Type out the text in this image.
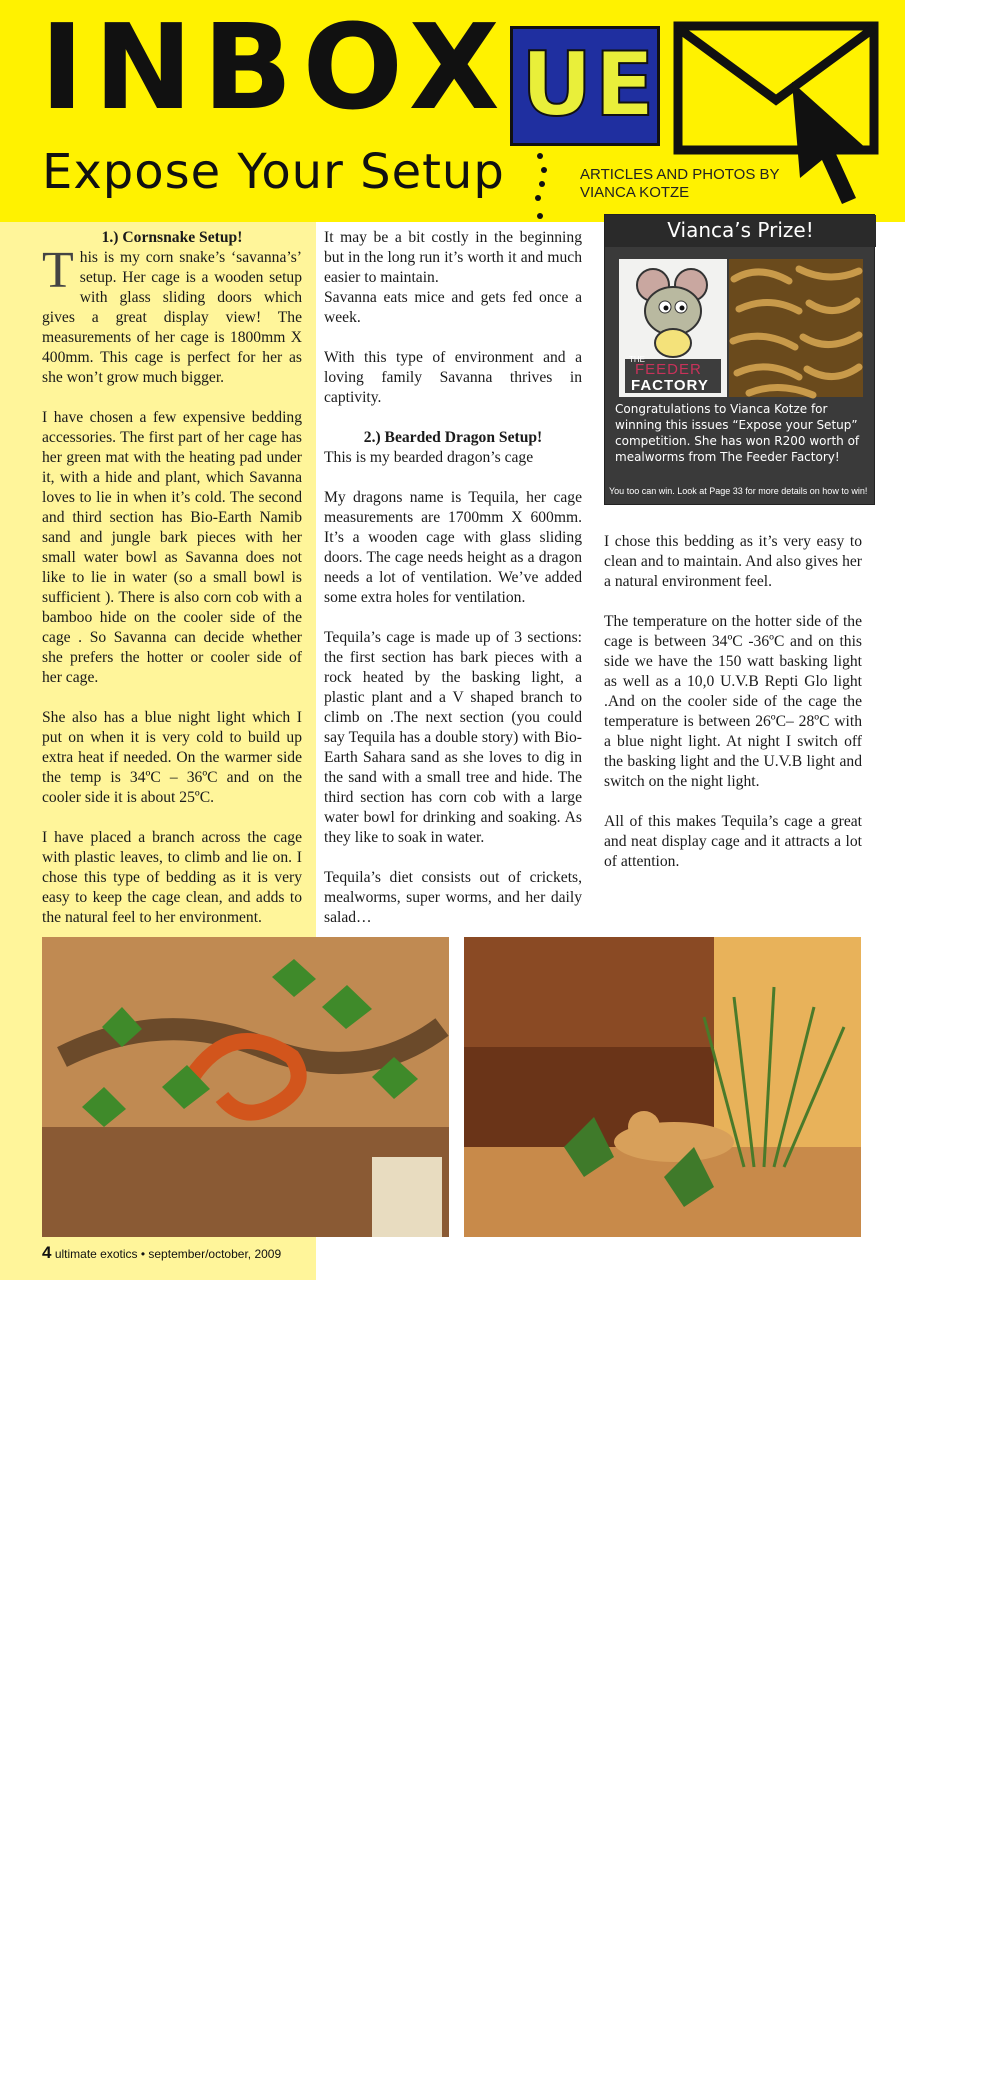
INBOX UE
Expose Your Setup	ARTICLES AND PHOTOS BY
VIANCA KOTZE
1.) Cornsnake Setup!

This is my corn snake’s ‘savanna’s’ setup. Her cage is a wooden setup with glass sliding doors which gives a great display view! The measurements of her cage is 1800mm X 400mm. This cage is perfect for her as she won’t grow much bigger.

I have chosen a few expensive bedding accessories. The first part of her cage has her green mat with the heating pad under it, with a hide and plant, which Savanna loves to lie in when it’s cold. The second and third section has Bio-Earth Namib sand and jungle bark pieces with her small water bowl as Savanna does not like to lie in water (so a small bowl is sufficient ). There is also corn cob with a bamboo hide on the cooler side of the cage . So Savanna can decide whether she prefers the hotter or cooler side of her cage.

She also has a blue night light which I put on when it is very cold to build up extra heat if needed. On the warmer side the temp is 34ºC – 36ºC and on the cooler side it is about 25ºC.

I have placed a branch across the cage with plastic leaves, to climb and lie on. I chose this type of bedding as it is very easy to keep the cage clean, and adds to the natural feel to her environment.

It may be a bit costly in the beginning but in the long run it’s worth it and much easier to maintain.

Savanna eats mice and gets fed once a week.

With this type of environment and a loving family Savanna thrives in captivity.

2.) Bearded Dragon Setup!

This is my bearded dragon’s cage

My dragons name is Tequila, her cage measurements are 1700mm X 600mm. It’s a wooden cage with glass sliding doors. The cage needs height as a dragon needs a lot of ventilation. We’ve added some extra holes for ventilation.

Tequila’s cage is made up of 3 sections: the first section has bark pieces with a rock heated by the basking light, a plastic plant and a V shaped branch to climb on .The next section (you could say Tequila has a double story) with Bio-Earth Sahara sand as she loves to dig in the sand with a small tree and hide. The third section has corn cob with a large water bowl for drinking and soaking. As they like to soak in water.

Tequila’s diet consists out of crickets, mealworms, super worms, and her daily salad…

Vianca’s Prize!
THE
FEEDER
FACTORY
Congratulations to Vianca Kotze for winning this issues “Expose your Setup” competition. She has won R200 worth of mealworms from The Feeder Factory!
You too can win. Look at Page 33 for more details on how to win!

I chose this bedding as it’s very easy to clean and to maintain. And also gives her a natural environment feel.

The temperature on the hotter side of the cage is between 34ºC -36ºC and on this side we have the 150 watt basking light as well as a 10,0 U.V.B Repti Glo light .And on the cooler side of the cage the temperature is between 26ºC– 28ºC with a blue night light. At night I switch off the basking light and the U.V.B light and switch on the night light.

All of this makes Tequila’s cage a great and neat display cage and it attracts a lot of attention.

Vianca’s Cornsnake setup
Vianca’s Bearded Dragon setup
4 ultimate exotics • september/october, 2009
